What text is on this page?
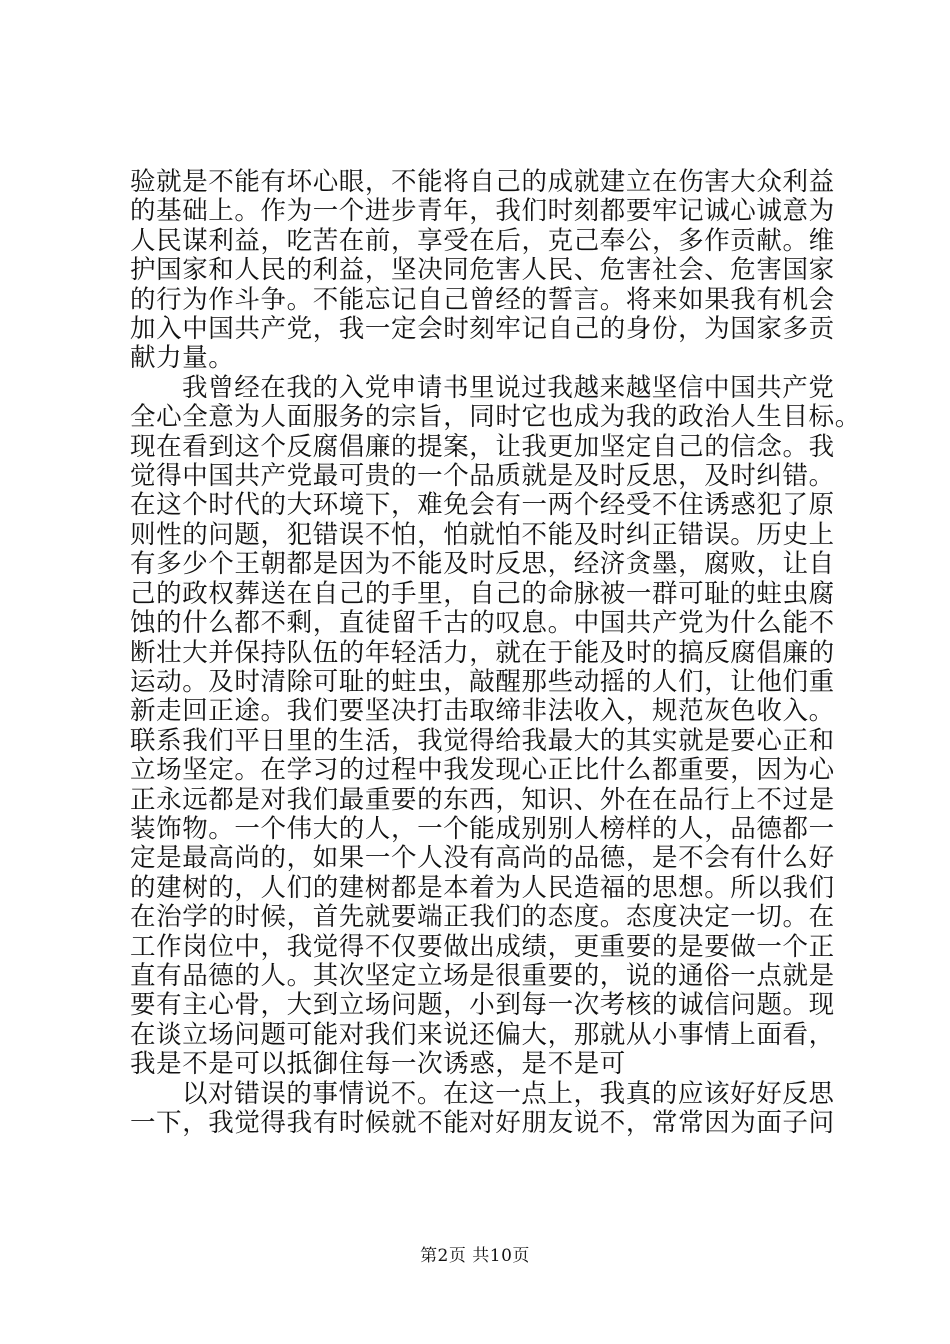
验就是不能有坏心眼，不能将自己的成就建立在伤害大众利益
的基础上。作为一个进步青年，我们时刻都要牢记诚心诚意为
人民谋利益，吃苦在前，享受在后，克己奉公，多作贡献。维
护国家和人民的利益，坚决同危害人民、危害社会、危害国家
的行为作斗争。不能忘记自己曾经的誓言。将来如果我有机会
加入中国共产党，我一定会时刻牢记自己的身份，为国家多贡
献力量。
我曾经在我的入党申请书里说过我越来越坚信中国共产党
全心全意为人面服务的宗旨，同时它也成为我的政治人生目标。
现在看到这个反腐倡廉的提案，让我更加坚定自己的信念。我
觉得中国共产党最可贵的一个品质就是及时反思，及时纠错。
在这个时代的大环境下，难免会有一两个经受不住诱惑犯了原
则性的问题，犯错误不怕，怕就怕不能及时纠正错误。历史上
有多少个王朝都是因为不能及时反思，经济贪墨，腐败，让自
己的政权葬送在自己的手里，自己的命脉被一群可耻的蛀虫腐
蚀的什么都不剩，直徒留千古的叹息。中国共产党为什么能不
断壮大并保持队伍的年轻活力，就在于能及时的搞反腐倡廉的
运动。及时清除可耻的蛀虫，敲醒那些动摇的人们，让他们重
新走回正途。我们要坚决打击取缔非法收入，规范灰色收入。
联系我们平日里的生活，我觉得给我最大的其实就是要心正和
立场坚定。在学习的过程中我发现心正比什么都重要，因为心
正永远都是对我们最重要的东西，知识、外在在品行上不过是
装饰物。一个伟大的人，一个能成别别人榜样的人，品德都一
定是最高尚的，如果一个人没有高尚的品德，是不会有什么好
的建树的，人们的建树都是本着为人民造福的思想。所以我们
在治学的时候，首先就要端正我们的态度。态度决定一切。在
工作岗位中，我觉得不仅要做出成绩，更重要的是要做一个正
直有品德的人。其次坚定立场是很重要的，说的通俗一点就是
要有主心骨，大到立场问题，小到每一次考核的诚信问题。现
在谈立场问题可能对我们来说还偏大，那就从小事情上面看，
我是不是可以抵御住每一次诱惑，是不是可
以对错误的事情说不。在这一点上，我真的应该好好反思
一下，我觉得我有时候就不能对好朋友说不，常常因为面子问
第2页 共10页
